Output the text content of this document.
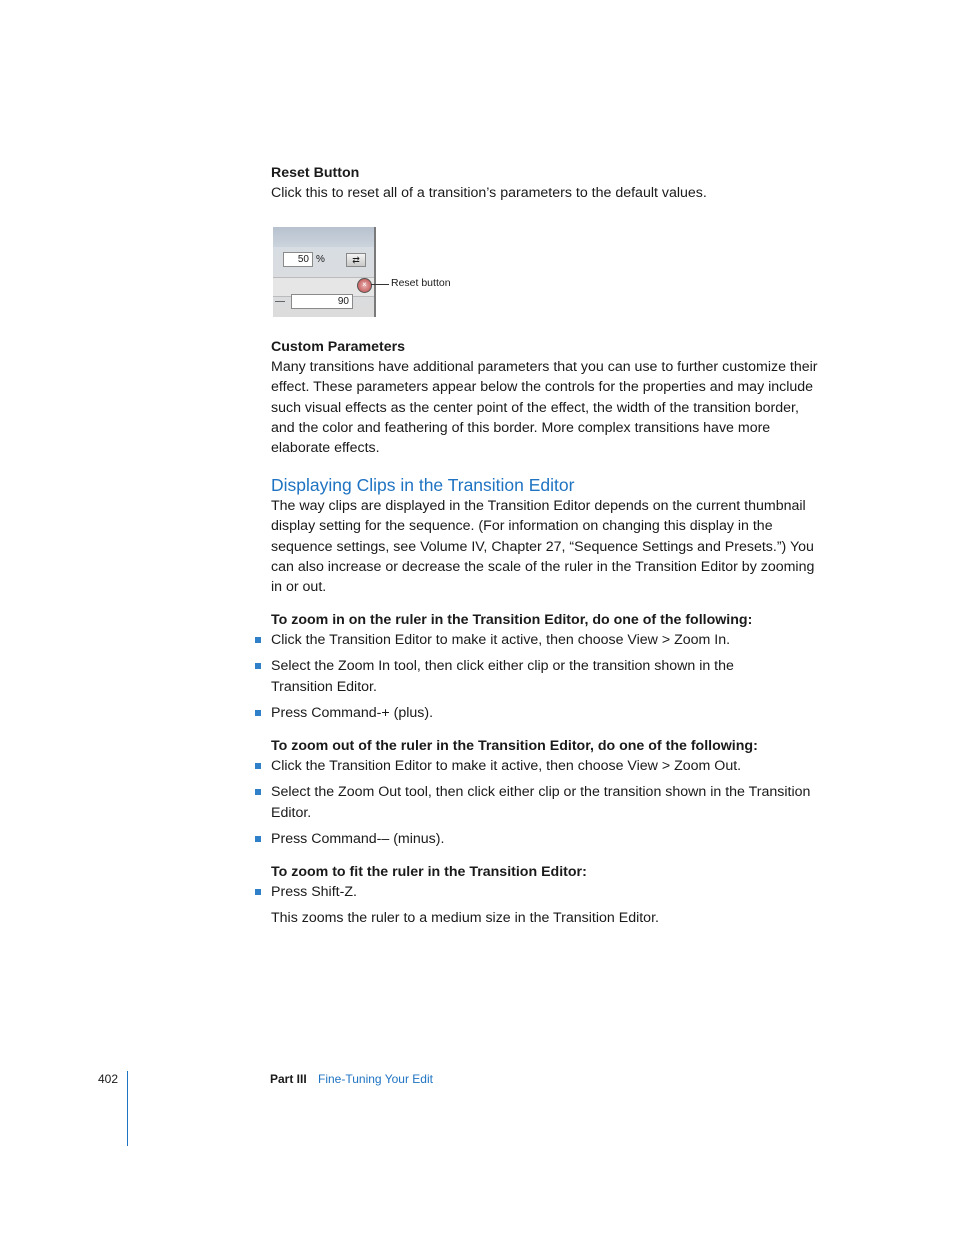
Reset Button

Click this to reset all of a transition’s parameters to the default values.

50 %	⇄
×
90
Reset button

Custom Parameters

Many transitions have additional parameters that you can use to further customize their effect. These parameters appear below the controls for the properties and may include such visual effects as the center point of the effect, the width of the transition border, and the color and feathering of this border. More complex transitions have more elaborate effects.

Displaying Clips in the Transition Editor

The way clips are displayed in the Transition Editor depends on the current thumbnail display setting for the sequence. (For information on changing this display in the sequence settings, see Volume IV, Chapter 27, “Sequence Settings and Presets.”) You can also increase or decrease the scale of the ruler in the Transition Editor by zooming in or out.

To zoom in on the ruler in the Transition Editor, do one of the following:

Click the Transition Editor to make it active, then choose View > Zoom In.
Select the Zoom In tool, then click either clip or the transition shown in the Transition Editor.
Press Command-+ (plus).

To zoom out of the ruler in the Transition Editor, do one of the following:

Click the Transition Editor to make it active, then choose View > Zoom Out.
Select the Zoom Out tool, then click either clip or the transition shown in the Transition Editor.
Press Command-– (minus).

To zoom to fit the ruler in the Transition Editor:

Press Shift-Z.

This zooms the ruler to a medium size in the Transition Editor.

402	Part III Fine-Tuning Your Edit
